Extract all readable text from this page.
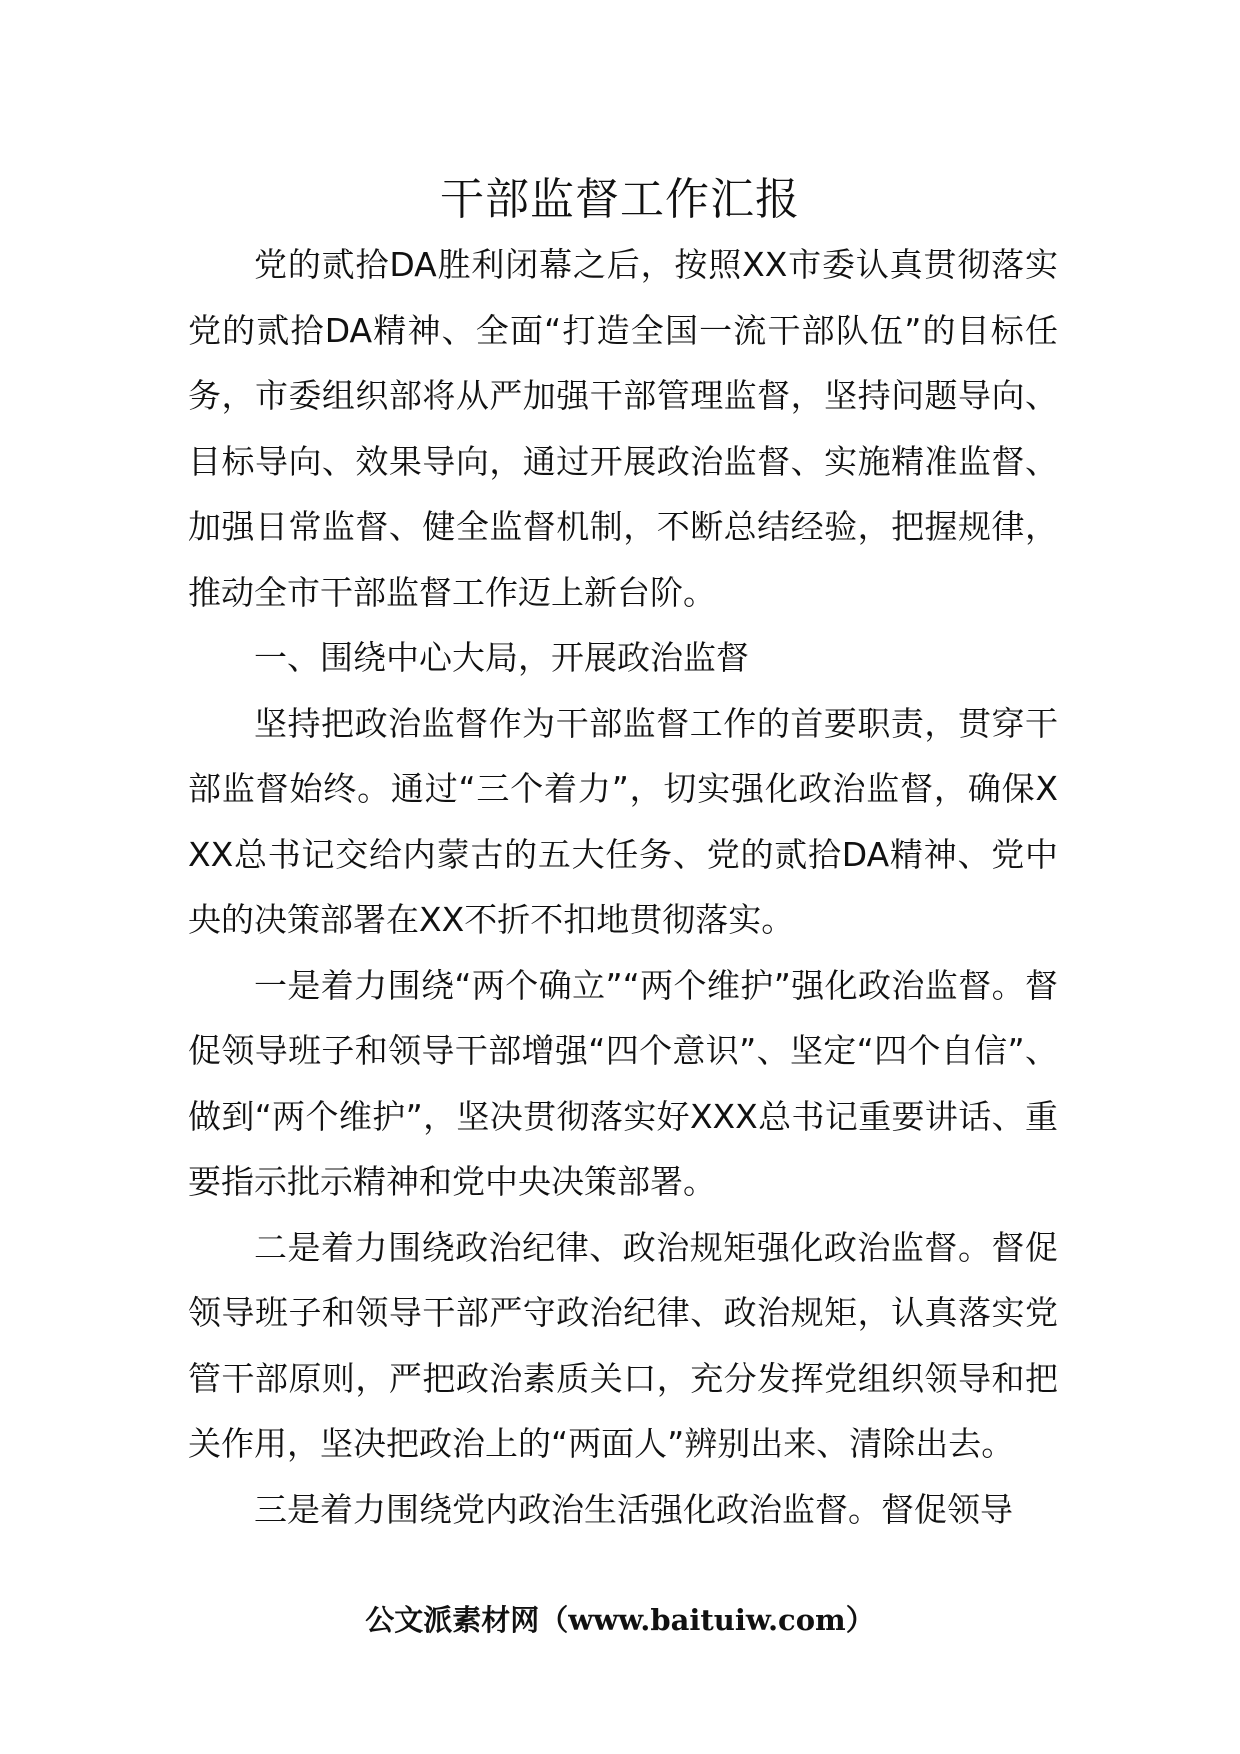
干部监督工作汇报

党的贰拾DA胜利闭幕之后，按照XX市委认真贯彻落实党的贰拾DA精神、全面“打造全国一流干部队伍”的目标任务，市委组织部将从严加强干部管理监督，坚持问题导向、目标导向、效果导向，通过开展政治监督、实施精准监督、加强日常监督、健全监督机制，不断总结经验，把握规律，推动全市干部监督工作迈上新台阶。

一、围绕中心大局，开展政治监督

坚持把政治监督作为干部监督工作的首要职责，贯穿干部监督始终。通过“三个着力”，切实强化政治监督，确保XXX总书记交给内蒙古的五大任务、党的贰拾DA精神、党中央的决策部署在XX不折不扣地贯彻落实。

一是着力围绕“两个确立”“两个维护”强化政治监督。督促领导班子和领导干部增强“四个意识”、坚定“四个自信”、做到“两个维护”，坚决贯彻落实好XXX总书记重要讲话、重要指示批示精神和党中央决策部署。

二是着力围绕政治纪律、政治规矩强化政治监督。督促领导班子和领导干部严守政治纪律、政治规矩，认真落实党管干部原则，严把政治素质关口，充分发挥党组织领导和把关作用，坚决把政治上的“两面人”辨别出来、清除出去。

三是着力围绕党内政治生活强化政治监督。督促领导

公文派素材网（www.baituiw.com）
